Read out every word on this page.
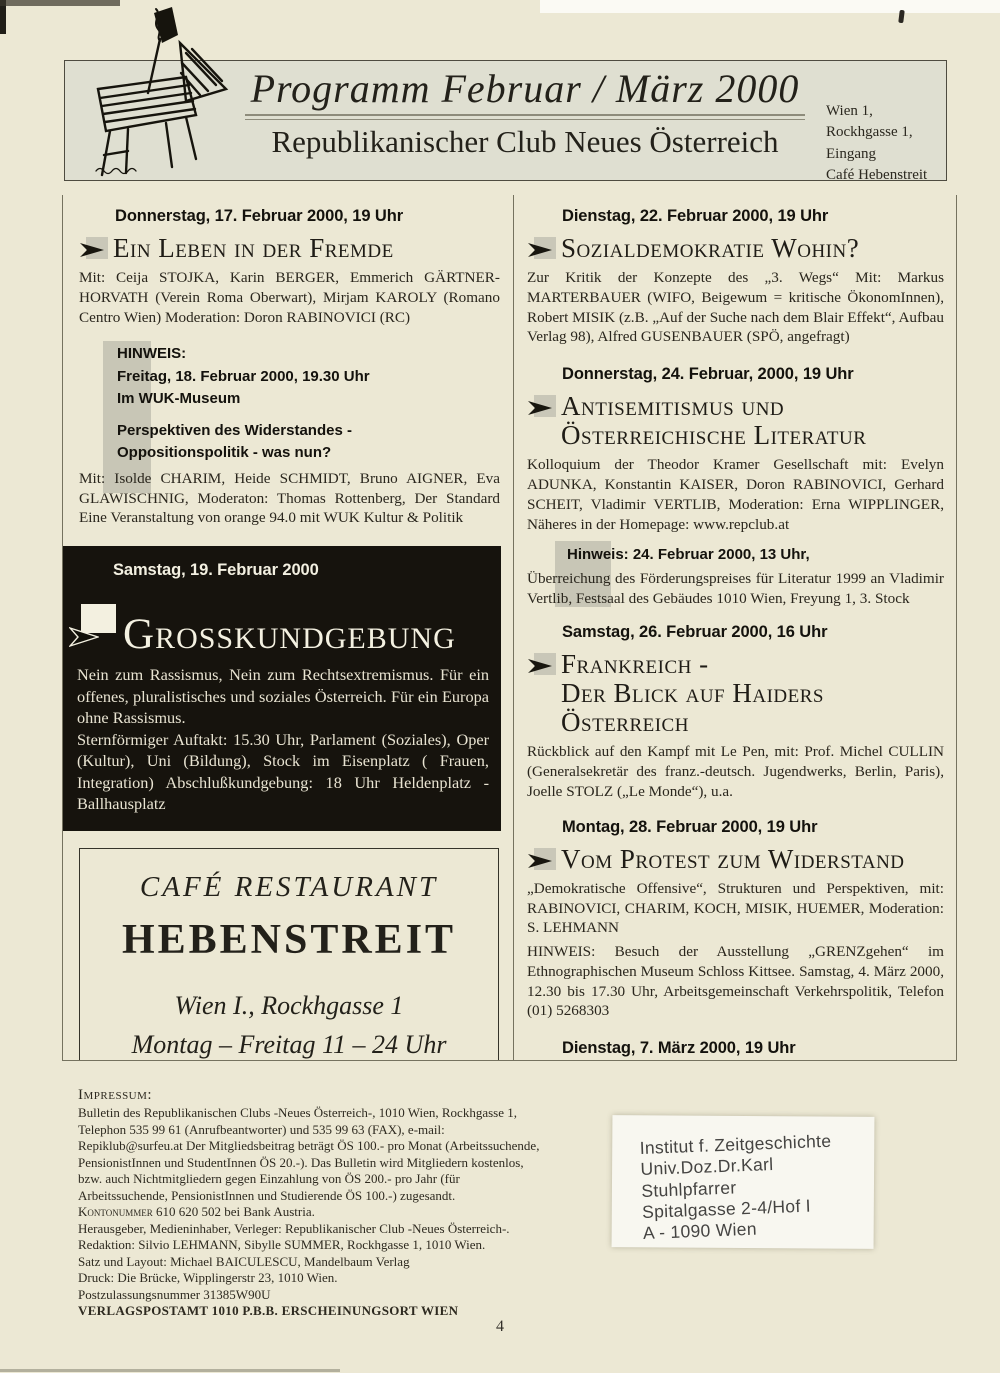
Programm Februar / März 2000
Republikanischer Club Neues Österreich
Wien 1,
Rockhgasse 1,
Eingang
Café Hebenstreit
Donnerstag, 17. Februar 2000, 19 Uhr
Ein Leben in der Fremde

Mit: Ceija STOJKA, Karin BERGER, Emmerich GÄRTNER-HORVATH (Verein Roma Oberwart), Mirjam KAROLY (Romano Centro Wien) Moderation: Doron RABINOVICI (RC)

HINWEIS:
Freitag, 18. Februar 2000, 19.30 Uhr
Im WUK-Museum
Perspektiven des Widerstandes -
Oppositionspolitik - was nun?

Mit: Isolde CHARIM, Heide SCHMIDT, Bruno AIGNER, Eva GLAWISCHNIG, Moderaton: Thomas Rottenberg, Der Standard Eine Veranstaltung von orange 94.0 mit WUK Kultur & Politik

Samstag, 19. Februar 2000
Grosskundgebung

Nein zum Rassismus, Nein zum Rechtsextremismus. Für ein offenes, pluralistisches und soziales Österreich. Für ein Europa ohne Rassismus.

Sternförmiger Auftakt: 15.30 Uhr, Parlament (Soziales), Oper (Kultur), Uni (Bildung), Stock im Eisenplatz ( Frauen, Integration) Abschlußkundgebung: 18 Uhr Heldenplatz - Ballhausplatz

CAFÉ RESTAURANT
HEBENSTREIT
Wien I., Rockhgasse 1
Montag – Freitag 11 – 24 Uhr
Dienstag, 22. Februar 2000, 19 Uhr
Sozialdemokratie Wohin?

Zur Kritik der Konzepte des „3. Wegs“ Mit: Markus MARTERBAUER (WIFO, Beigewum = kritische ÖkonomInnen), Robert MISIK (z.B. „Auf der Suche nach dem Blair Effekt“, Aufbau Verlag 98), Alfred GUSENBAUER (SPÖ, angefragt)

Donnerstag, 24. Februar, 2000, 19 Uhr
Antisemitismus und
Österreichische Literatur

Kolloquium der Theodor Kramer Gesellschaft mit: Evelyn ADUNKA, Konstantin KAISER, Doron RABINOVICI, Gerhard SCHEIT, Vladimir VERTLIB, Moderation: Erna WIPPLINGER, Näheres in der Homepage: www.repclub.at

Hinweis: 24. Februar 2000, 13 Uhr,

Überreichung des Förderungspreises für Literatur 1999 an Vladimir Vertlib, Festsaal des Gebäudes 1010 Wien, Freyung 1, 3. Stock

Samstag, 26. Februar 2000, 16 Uhr
Frankreich -
Der Blick auf Haiders Österreich

Rückblick auf den Kampf mit Le Pen, mit: Prof. Michel CULLIN (Generalsekretär des franz.-deutsch. Jugendwerks, Berlin, Paris), Joelle STOLZ („Le Monde“), u.a.

Montag, 28. Februar 2000, 19 Uhr
Vom Protest zum Widerstand

„Demokratische Offensive“, Strukturen und Perspektiven, mit: RABINOVICI, CHARIM, KOCH, MISIK, HUEMER, Moderation: S. LEHMANN

HINWEIS: Besuch der Ausstellung „GRENZgehen“ im Ethnographischen Museum Schloss Kittsee. Samstag, 4. März 2000, 12.30 bis 17.30 Uhr, Arbeitsgemeinschaft Verkehrspolitik, Telefon (01) 5268303

Dienstag, 7. März 2000, 19 Uhr
Impressum:

Bulletin des Republikanischen Clubs -Neues Österreich-, 1010 Wien, Rockhgasse 1, Telephon 535 99 61 (Anrufbeantworter) und 535 99 63 (FAX), e-mail: Repiklub@surfeu.at Der Mitgliedsbeitrag beträgt ÖS 100.- pro Monat (Arbeitssuchende, PensionistInnen und StudentInnen ÖS 20.-). Das Bulletin wird Mitgliedern kostenlos, bzw. auch Nichtmitgliedern gegen Einzahlung von ÖS 200.- pro Jahr (für Arbeitssuchende, PensionistInnen und Studierende ÖS 100.-) zugesandt.

Kontonummer 610 620 502 bei Bank Austria.
Herausgeber, Medieninhaber, Verleger: Republikanischer Club -Neues Österreich-.
Redaktion: Silvio LEHMANN, Sibylle SUMMER, Rockhgasse 1, 1010 Wien.
Satz und Layout: Michael BAICULESCU, Mandelbaum Verlag
Druck: Die Brücke, Wipplingerstr 23, 1010 Wien.
Postzulassungsnummer 31385W90U
VERLAGSPOSTAMT 1010 P.B.B. ERSCHEINUNGSORT WIEN
Institut f. Zeitgeschichte
Univ.Doz.Dr.Karl
Stuhlpfarrer
Spitalgasse 2-4/Hof I
A - 1090 Wien
4
